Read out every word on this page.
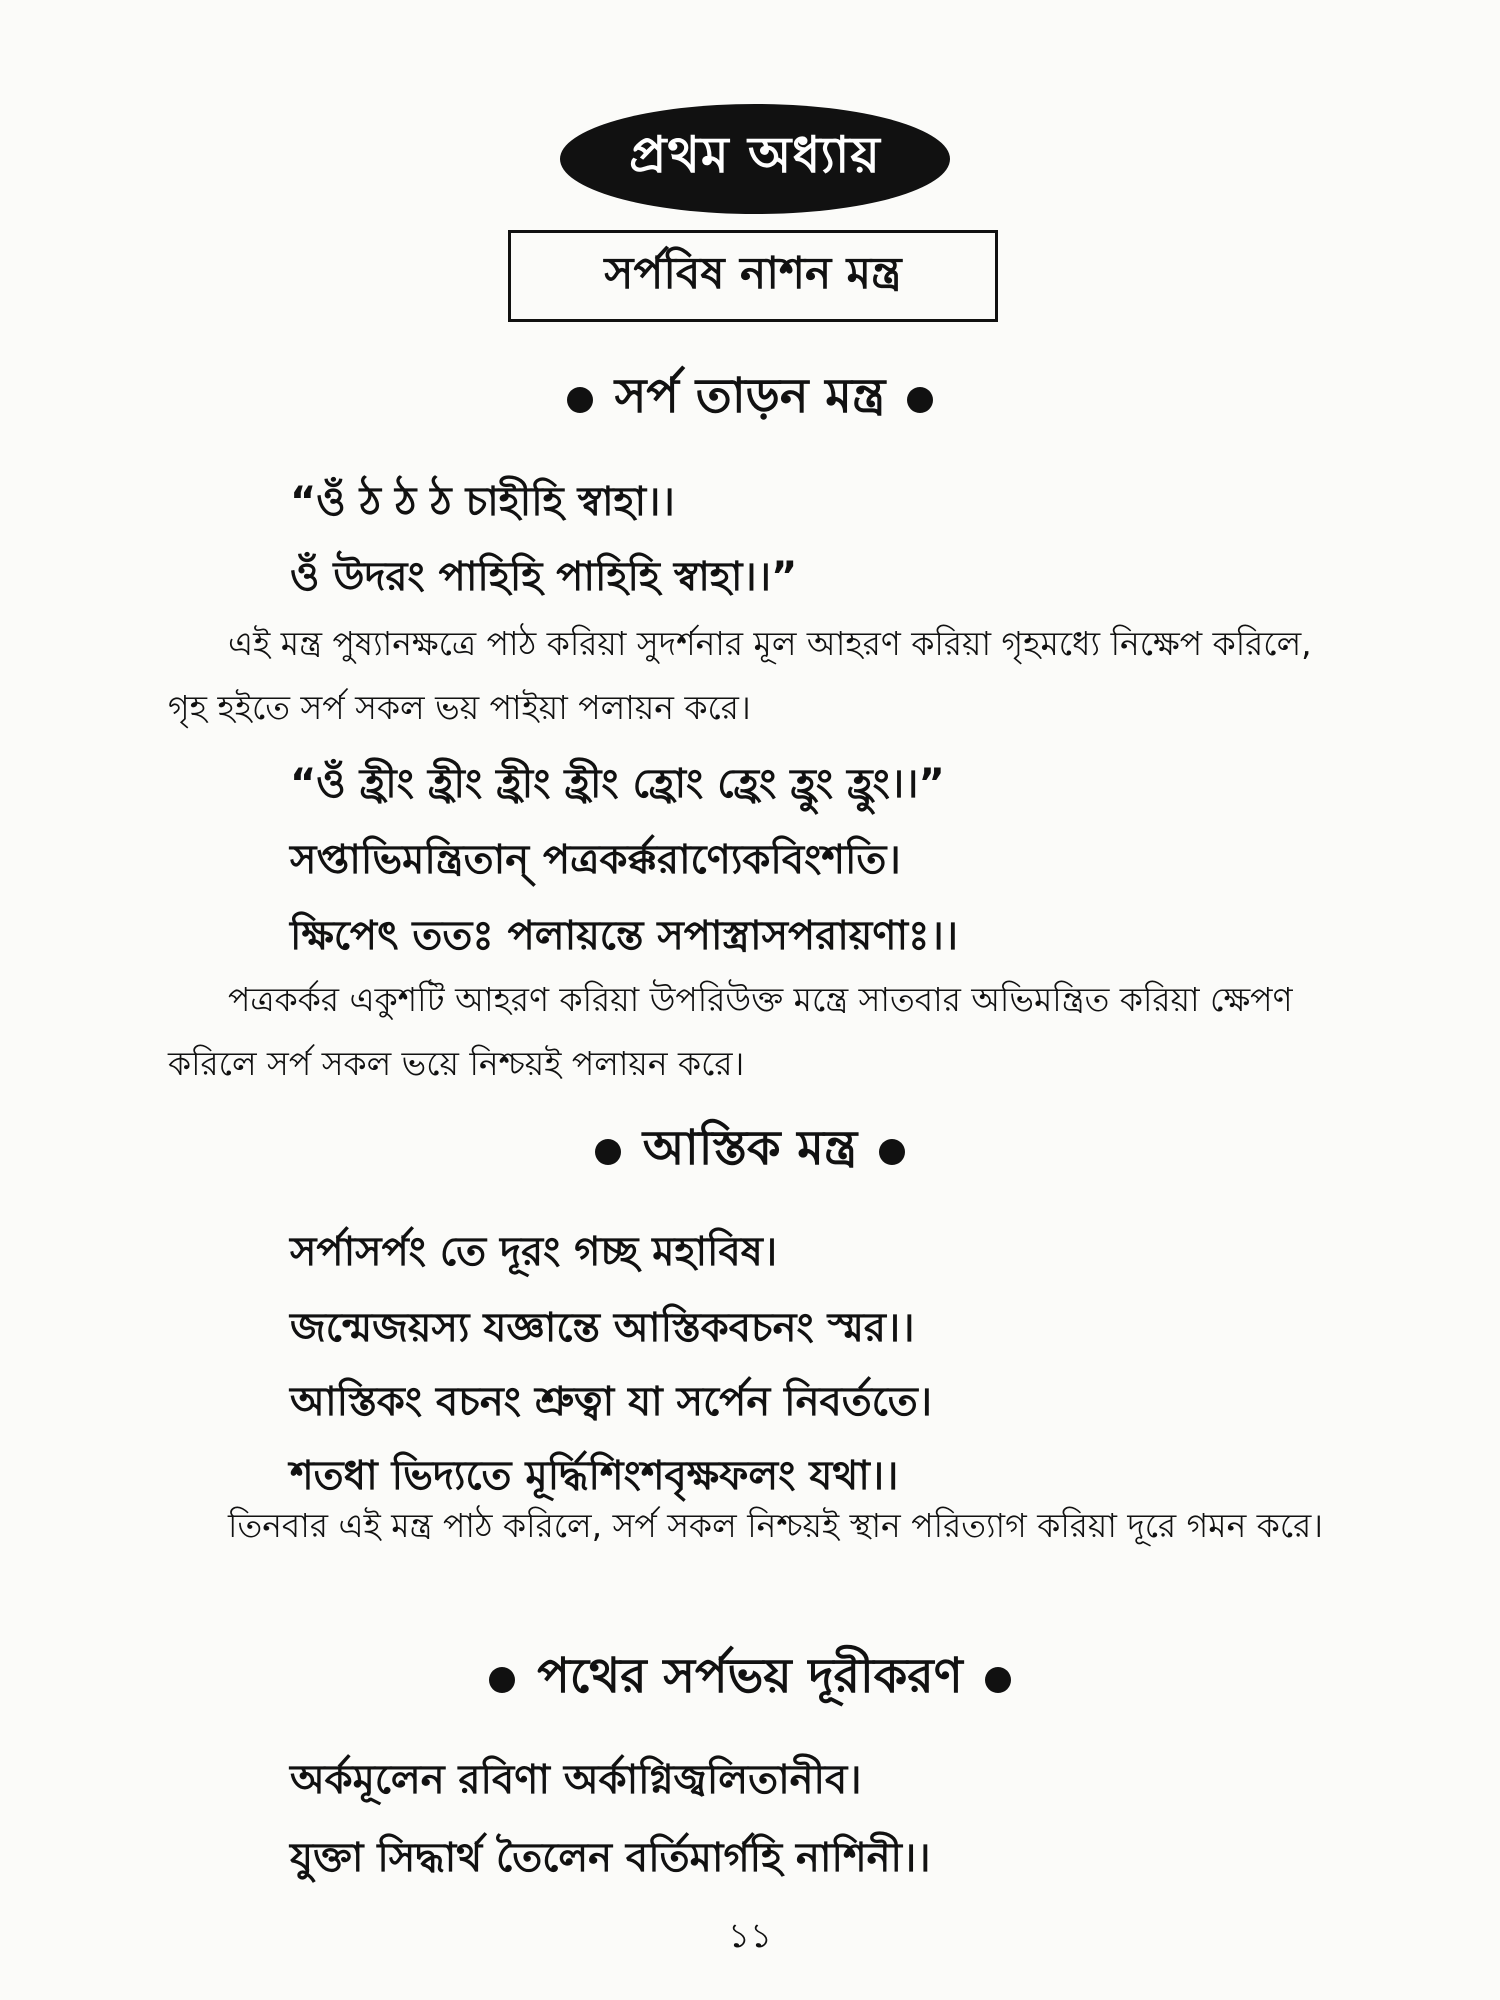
প্রথম অধ্যায়
সর্পবিষ নাশন মন্ত্র
সর্প তাড়ন মন্ত্র
“ওঁ ঠ ঠ ঠ চাহীহি স্বাহা।।
ওঁ উদরং পাহিহি পাহিহি স্বাহা।।”
এই মন্ত্র পুষ্যানক্ষত্রে পাঠ করিয়া সুদর্শনার মূল আহরণ করিয়া গৃহমধ্যে নিক্ষেপ করিলে, গৃহ হইতে সর্প সকল ভয় পাইয়া পলায়ন করে।
“ওঁ হ্রীং হ্রীং হ্রীং হ্রীং হ্রোং হ্রেং হ্রুং হ্রুং।।”
সপ্তাভিমন্ত্রিতান্ পত্রকর্ক্করাণ্যেকবিংশতি।
ক্ষিপেৎ ততঃ পলায়ন্তে সপাস্ত্রাসপরায়ণাঃ।।
পত্রকর্কর একুশটি আহরণ করিয়া উপরিউক্ত মন্ত্রে সাতবার অভিমন্ত্রিত করিয়া ক্ষেপণ করিলে সর্প সকল ভয়ে নিশ্চয়ই পলায়ন করে।
আস্তিক মন্ত্র
সর্পাসর্পং তে দূরং গচ্ছ মহাবিষ।
জন্মেজয়স্য যজ্ঞান্তে আস্তিকবচনং স্মর।।
আস্তিকং বচনং শ্রুত্বা যা সর্পেন নিবর্ততে।
শতধা ভিদ্যতে মূর্দ্ধিশিংশবৃক্ষফলং যথা।।
তিনবার এই মন্ত্র পাঠ করিলে, সর্প সকল নিশ্চয়ই স্থান পরিত্যাগ করিয়া দূরে গমন করে।
পথের সর্পভয় দূরীকরণ
অর্কমূলেন রবিণা অর্কাগ্নিজ্বলিতানীব।
যুক্তা সিদ্ধার্থ তৈলেন বর্তিমার্গহি নাশিনী।।
১১
